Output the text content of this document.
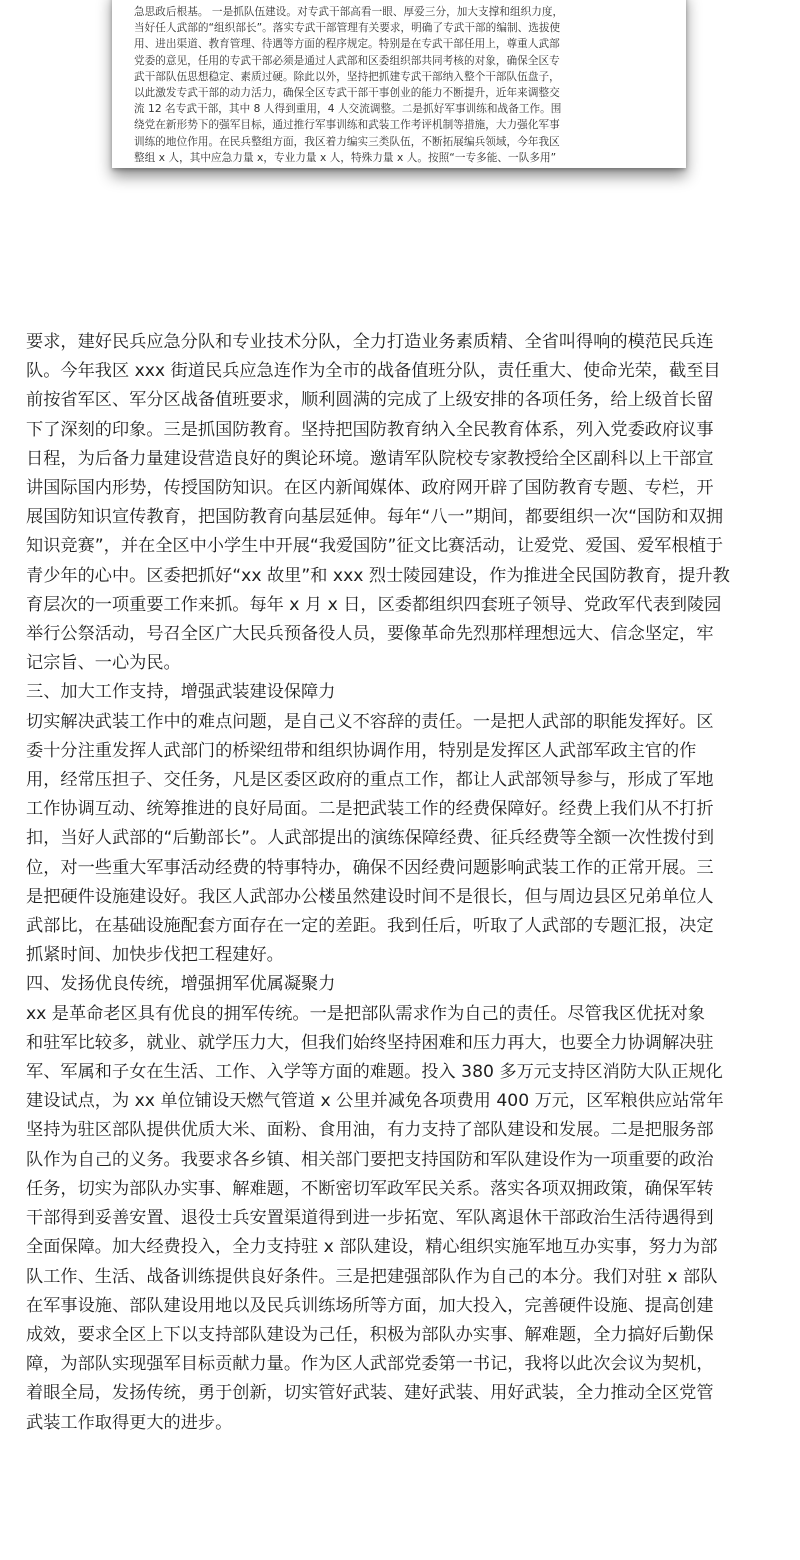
急思政后根基。 一是抓队伍建设。对专武干部高看一眼、厚爱三分，加大支撑和组织力度，
当好任人武部的“组织部长”。落实专武干部管理有关要求，明确了专武干部的编制、选拔使
用、进出渠道、教育管理、待遇等方面的程序规定。特别是在专武干部任用上，尊重人武部
党委的意见，任用的专武干部必须是通过人武部和区委组织部共同考核的对象，确保全区专
武干部队伍思想稳定、素质过硬。除此以外，坚持把抓建专武干部纳入整个干部队伍盘子，
以此激发专武干部的动力活力，确保全区专武干部干事创业的能力不断提升，近年来调整交
流 12 名专武干部，其中 8 人得到重用，4 人交流调整。二是抓好军事训练和战备工作。围
绕党在新形势下的强军目标，通过推行军事训练和武装工作考评机制等措施，大力强化军事
训练的地位作用。在民兵整组方面，我区着力编实三类队伍，不断拓展编兵领域，今年我区
整组 x 人，其中应急力量 x，专业力量 x 人，特殊力量 x 人。按照“一专多能、一队多用”

要求，建好民兵应急分队和专业技术分队，全力打造业务素质精、全省叫得响的模范民兵连
队。今年我区 xxx 街道民兵应急连作为全市的战备值班分队，责任重大、使命光荣，截至目
前按省军区、军分区战备值班要求，顺利圆满的完成了上级安排的各项任务，给上级首长留
下了深刻的印象。三是抓国防教育。坚持把国防教育纳入全民教育体系，列入党委政府议事
日程，为后备力量建设营造良好的舆论环境。邀请军队院校专家教授给全区副科以上干部宣
讲国际国内形势，传授国防知识。在区内新闻媒体、政府网开辟了国防教育专题、专栏，开
展国防知识宣传教育，把国防教育向基层延伸。每年“八一”期间，都要组织一次“国防和双拥
知识竞赛”，并在全区中小学生中开展“我爱国防”征文比赛活动，让爱党、爱国、爱军根植于
青少年的心中。区委把抓好“xx 故里”和 xxx 烈士陵园建设，作为推进全民国防教育，提升教
育层次的一项重要工作来抓。每年 x 月 x 日，区委都组织四套班子领导、党政军代表到陵园
举行公祭活动，号召全区广大民兵预备役人员，要像革命先烈那样理想远大、信念坚定，牢
记宗旨、一心为民。

三、加大工作支持，增强武装建设保障力

切实解决武装工作中的难点问题，是自己义不容辞的责任。一是把人武部的职能发挥好。区
委十分注重发挥人武部门的桥梁纽带和组织协调作用，特别是发挥区人武部军政主官的作
用，经常压担子、交任务，凡是区委区政府的重点工作，都让人武部领导参与，形成了军地
工作协调互动、统筹推进的良好局面。二是把武装工作的经费保障好。经费上我们从不打折
扣，当好人武部的“后勤部长”。人武部提出的演练保障经费、征兵经费等全额一次性拨付到
位，对一些重大军事活动经费的特事特办，确保不因经费问题影响武装工作的正常开展。三
是把硬件设施建设好。我区人武部办公楼虽然建设时间不是很长，但与周边县区兄弟单位人
武部比，在基础设施配套方面存在一定的差距。我到任后，听取了人武部的专题汇报，决定
抓紧时间、加快步伐把工程建好。

四、发扬优良传统，增强拥军优属凝聚力

xx 是革命老区具有优良的拥军传统。一是把部队需求作为自己的责任。尽管我区优抚对象
和驻军比较多，就业、就学压力大，但我们始终坚持困难和压力再大，也要全力协调解决驻
军、军属和子女在生活、工作、入学等方面的难题。投入 380 多万元支持区消防大队正规化
建设试点，为 xx 单位铺设天燃气管道 x 公里并减免各项费用 400 万元，区军粮供应站常年
坚持为驻区部队提供优质大米、面粉、食用油，有力支持了部队建设和发展。二是把服务部
队作为自己的义务。我要求各乡镇、相关部门要把支持国防和军队建设作为一项重要的政治
任务，切实为部队办实事、解难题，不断密切军政军民关系。落实各项双拥政策，确保军转
干部得到妥善安置、退役士兵安置渠道得到进一步拓宽、军队离退休干部政治生活待遇得到
全面保障。加大经费投入，全力支持驻 x 部队建设，精心组织实施军地互办实事，努力为部
队工作、生活、战备训练提供良好条件。三是把建强部队作为自己的本分。我们对驻 x 部队
在军事设施、部队建设用地以及民兵训练场所等方面，加大投入，完善硬件设施、提高创建
成效，要求全区上下以支持部队建设为己任，积极为部队办实事、解难题，全力搞好后勤保
障，为部队实现强军目标贡献力量。作为区人武部党委第一书记，我将以此次会议为契机，
着眼全局，发扬传统，勇于创新，切实管好武装、建好武装、用好武装，全力推动全区党管
武装工作取得更大的进步。
